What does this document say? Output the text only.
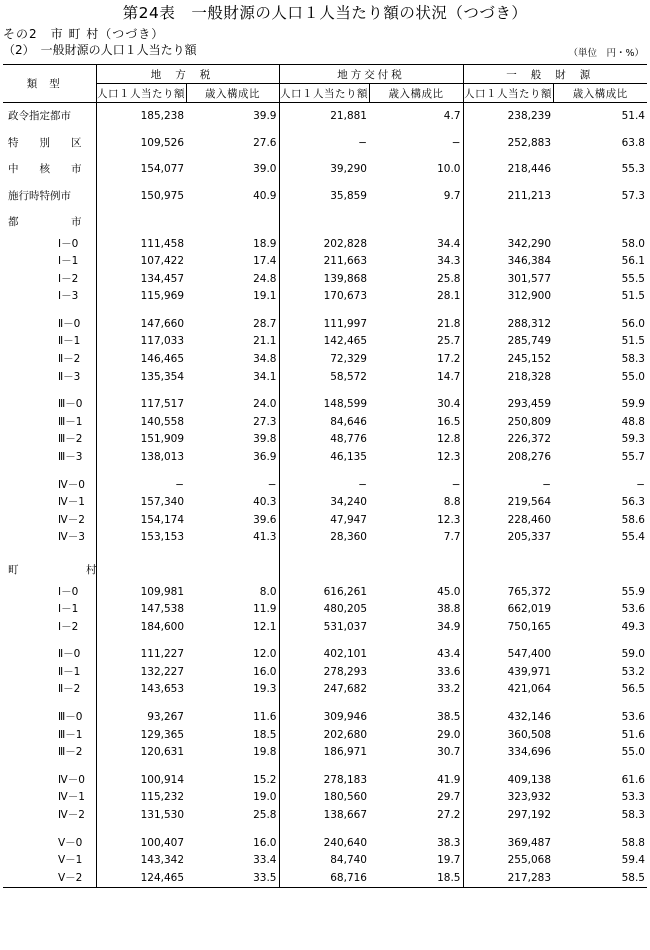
第24表　一般財源の人口１人当たり額の状況（つづき）
その2　市 町 村（つづき）
（2）　一般財源の人口１人当たり額	（単位　円・%）
類型	地方税		地方交付税		一般財源	
	人口１人当たり額	歳入構成比	人口１人当たり額	歳入構成比	人口１人当たり額	歳入構成比
政令指定都市	185,238	39.9	21,881	4.7	238,239	51.4
特　　別　　区	109,526	27.6	−	−	252,883	63.8
中　　核　　市	154,077	39.0	39,290	10.0	218,446	55.3
施行時特例市	150,975	40.9	35,859	9.7	211,213	57.3
都　　　　　市						
Ⅰ－0	111,458	18.9	202,828	34.4	342,290	58.0
Ⅰ－1	107,422	17.4	211,663	34.3	346,384	56.1
Ⅰ－2	134,457	24.8	139,868	25.8	301,577	55.5
Ⅰ－3	115,969	19.1	170,673	28.1	312,900	51.5

Ⅱ－0	147,660	28.7	111,997	21.8	288,312	56.0
Ⅱ－1	117,033	21.1	142,465	25.7	285,749	51.5
Ⅱ－2	146,465	34.8	72,329	17.2	245,152	58.3
Ⅱ－3	135,354	34.1	58,572	14.7	218,328	55.0

Ⅲ－0	117,517	24.0	148,599	30.4	293,459	59.9
Ⅲ－1	140,558	27.3	84,646	16.5	250,809	48.8
Ⅲ－2	151,909	39.8	48,776	12.8	226,372	59.3
Ⅲ－3	138,013	36.9	46,135	12.3	208,276	55.7

Ⅳ－0	−	−	−	−	−	−
Ⅳ－1	157,340	40.3	34,240	8.8	219,564	56.3
Ⅳ－2	154,174	39.6	47,947	12.3	228,460	58.6
Ⅳ－3	153,153	41.3	28,360	7.7	205,337	55.4

町　　　　　村						
Ⅰ－0	109,981	8.0	616,261	45.0	765,372	55.9
Ⅰ－1	147,538	11.9	480,205	38.8	662,019	53.6
Ⅰ－2	184,600	12.1	531,037	34.9	750,165	49.3

Ⅱ－0	111,227	12.0	402,101	43.4	547,400	59.0
Ⅱ－1	132,227	16.0	278,293	33.6	439,971	53.2
Ⅱ－2	143,653	19.3	247,682	33.2	421,064	56.5

Ⅲ－0	93,267	11.6	309,946	38.5	432,146	53.6
Ⅲ－1	129,365	18.5	202,680	29.0	360,508	51.6
Ⅲ－2	120,631	19.8	186,971	30.7	334,696	55.0

Ⅳ－0	100,914	15.2	278,183	41.9	409,138	61.6
Ⅳ－1	115,232	19.0	180,560	29.7	323,932	53.3
Ⅳ－2	131,530	25.8	138,667	27.2	297,192	58.3

Ⅴ－0	100,407	16.0	240,640	38.3	369,487	58.8
Ⅴ－1	143,342	33.4	84,740	19.7	255,068	59.4
Ⅴ－2	124,465	33.5	68,716	18.5	217,283	58.5
